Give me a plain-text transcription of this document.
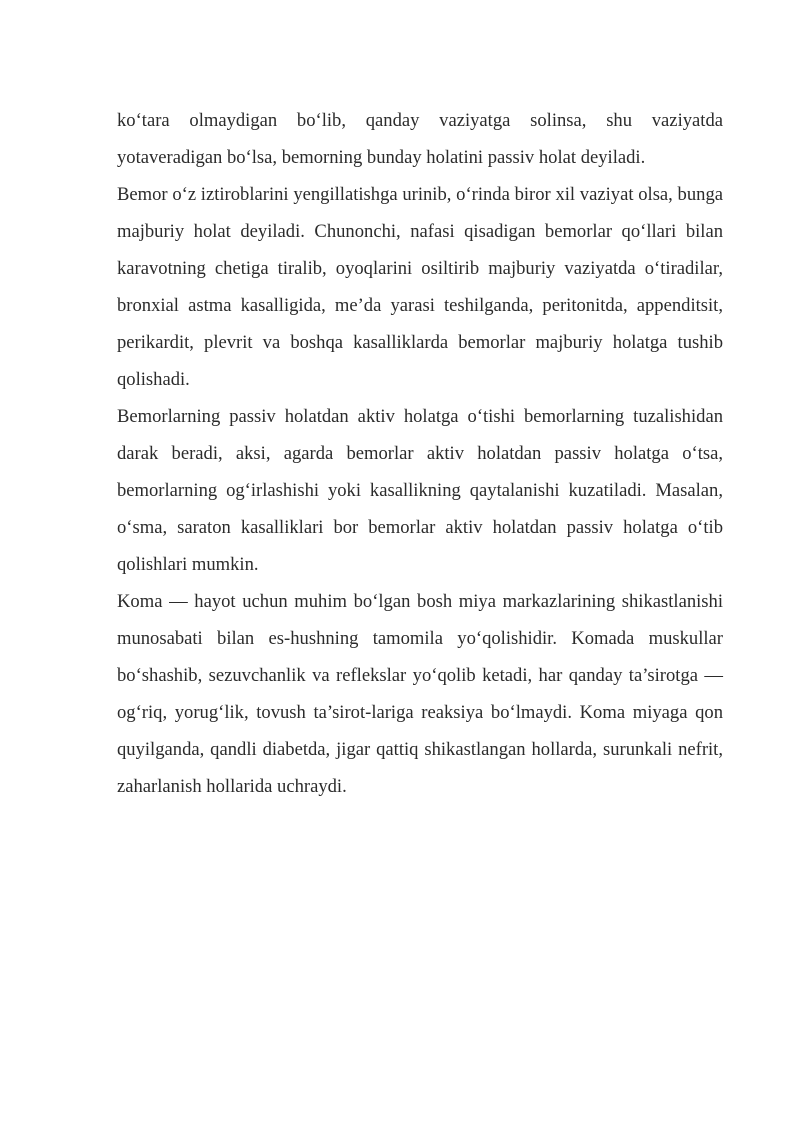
ko‘tara olmaydigan bo‘lib, qanday vaziyatga solinsa, shu vaziyatda yotaveradigan bo‘lsa, bemorning bunday holatini passiv holat deyiladi.

Bemor o‘z iztiroblarini yengillatishga urinib, o‘rinda biror xil vaziyat olsa, bunga majburiy holat deyiladi. Chunonchi, nafasi qisadigan bemorlar qo‘llari bilan karavotning chetiga tiralib, oyoqlarini osiltirib majburiy vaziyatda o‘tiradilar, bronxial astma kasalligida, me’da yarasi teshilganda, peritonitda, appenditsit, perikardit, plevrit va boshqa kasalliklarda bemorlar majburiy holatga tushib qolishadi.

Bemorlarning passiv holatdan aktiv holatga o‘tishi bemorlarning tuzalishidan darak beradi, aksi, agarda bemorlar aktiv holatdan passiv holatga o‘tsa, bemorlarning og‘irlashishi yoki kasallikning qaytalanishi kuzatiladi. Masalan, o‘sma, saraton kasalliklari bor bemorlar aktiv holatdan passiv holatga o‘tib qolishlari mumkin.

Koma — hayot uchun muhim bo‘lgan bosh miya markazlarining shikastlanishi munosabati bilan es-hushning tamomila yo‘qolishidir. Komada muskullar bo‘shashib, sezuvchanlik va reflekslar yo‘qolib ketadi, har qanday ta’sirotga — og‘riq, yorug‘lik, tovush ta’sirot-lariga reaksiya bo‘lmaydi. Koma miyaga qon quyilganda, qandli diabetda, jigar qattiq shikastlangan hollarda, surunkali nefrit, zaharlanish hollarida uchraydi.
